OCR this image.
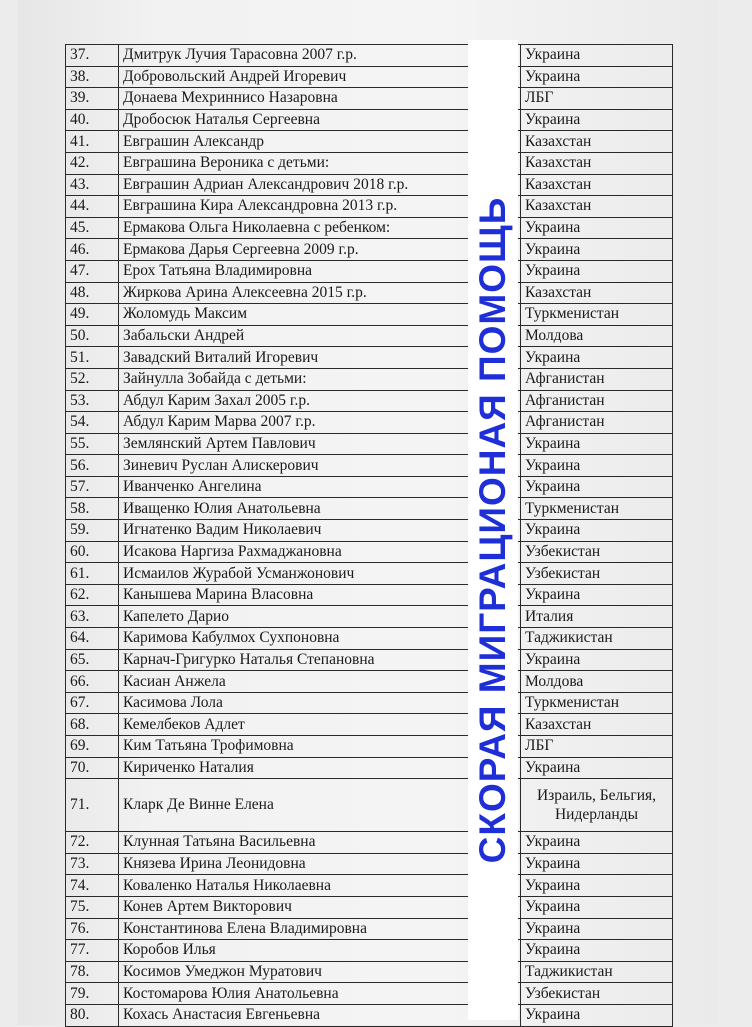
37.	Дмитрук Лучия Тарасовна 2007 г.р.	Украина
38.	Добровольский Андрей Игоревич	Украина
39.	Донаева Мехриннисо Назаровна	ЛБГ
40.	Дробосюк Наталья Сергеевна	Украина
41.	Евграшин Александр	Казахстан
42.	Евграшина Вероника с детьми:	Казахстан
43.	Евграшин Адриан Александрович 2018 г.р.	Казахстан
44.	Евграшина Кира Александровна 2013 г.р.	Казахстан
45.	Ермакова Ольга Николаевна с ребенком:	Украина
46.	Ермакова Дарья Сергеевна 2009 г.р.	Украина
47.	Ерох Татьяна Владимировна	Украина
48.	Жиркова Арина Алексеевна 2015 г.р.	Казахстан
49.	Жоломудь Максим	Туркменистан
50.	Забальски Андрей	Молдова
51.	Завадский Виталий Игоревич	Украина
52.	Зайнулла Зобайда с детьми:	Афганистан
53.	Абдул Карим Захал 2005 г.р.	Афганистан
54.	Абдул Карим Марва 2007 г.р.	Афганистан
55.	Землянский Артем Павлович	Украина
56.	Зиневич Руслан Алискерович	Украина
57.	Иванченко Ангелина	Украина
58.	Иващенко Юлия Анатольевна	Туркменистан
59.	Игнатенко Вадим Николаевич	Украина
60.	Исакова Наргиза Рахмаджановна	Узбекистан
61.	Исмаилов Журабой Усманжонович	Узбекистан
62.	Канышева Марина Власовна	Украина
63.	Капелето Дарио	Италия
64.	Каримова Кабулмох Сухпоновна	Таджикистан
65.	Карнач-Григурко Наталья Степановна	Украина
66.	Касиан Анжела	Молдова
67.	Касимова Лола	Туркменистан
68.	Кемелбеков Адлет	Казахстан
69.	Ким Татьяна Трофимовна	ЛБГ
70.	Кириченко Наталия	Украина
71.	Кларк Де Винне Елена	Израиль, Бельгия, Нидерланды
72.	Клунная Татьяна Васильевна	Украина
73.	Князева Ирина Леонидовна	Украина
74.	Коваленко Наталья Николаевна	Украина
75.	Конев Артем Викторович	Украина
76.	Константинова Елена Владимировна	Украина
77.	Коробов Илья	Украина
78.	Косимов Умеджон Муратович	Таджикистан
79.	Костомарова Юлия Анатольевна	Узбекистан
80.	Кохась Анастасия Евгеньевна	Украина
СКОРАЯ МИГРАЦИОНАЯ ПОМОЩЬ
